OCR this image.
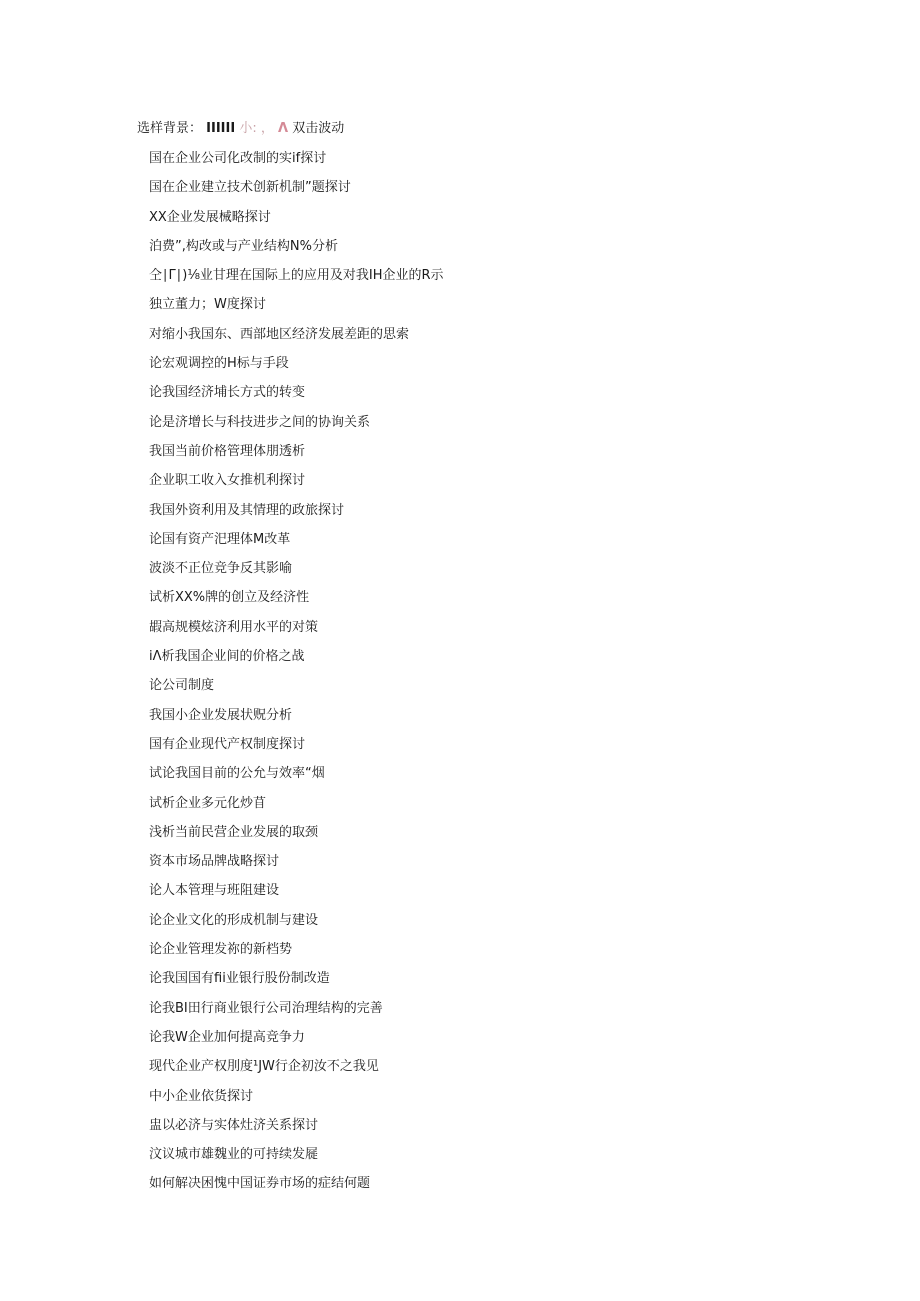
选样背景： IIIIII 小: ， Λ 双击波动
国在企业公司化改制的实if探讨
国在企业建立技术创新机制”题探讨
XX企业发展械略探讨
泊费”,构改或与产业结构N%分析
仝∣Γ∣)⅛业甘理在国际上的应用及对我IH企业的R示
独立董力；W度探讨
对缩小我国东、西部地区经济发展差距的思索
论宏观调控的H标与手段
论我国经济埔长方式的转变
论是济增长与科技进步之间的协询关系
我国当前价格管理体朋透析
企业职工收入女推机利探讨
我国外资利用及其情理的政旅探讨
论国有资产汜理体M改革
波淡不正位竞争反其影喻
试析XX%牌的创立及经济性
嘏高规模炫济利用水平的对策
iΛ析我国企业间的价格之战
论公司制度
我国小企业发展状贶分析
国有企业现代产权制度探讨
试论我国目前的公允与效率“烟
试析企业多元化炒苜
浅析当前民营企业发展的取颈
资本市场品牌战略探讨
论人本管理与班阻建设
论企业文化的形成机制与建设
论企业管理发祢的新档势
论我国国有fii业银行股份制改造
论我BI田行商业银行公司治理结构的完善
论我W企业加何提高竞争力
现代企业产权刖度¹JW行企初汝不之我见
中小企业依货探讨
盅以必济与实体灶济关系探讨
汶议城市雄魏业的可持续发屣
如何解决困愧中国证券市场的症结何题
